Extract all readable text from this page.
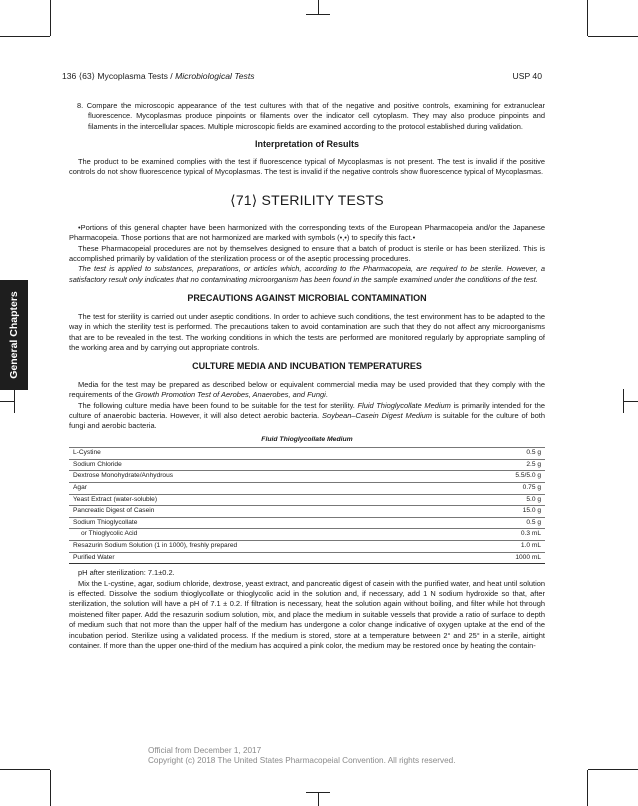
General Chapters
136 ⟨63⟩ Mycoplasma Tests / Microbiological Tests	USP 40

8. Compare the microscopic appearance of the test cultures with that of the negative and positive controls, examining for extranuclear fluorescence. Mycoplasmas produce pinpoints or filaments over the indicator cell cytoplasm. They may also produce pinpoints and filaments in the intercellular spaces. Multiple microscopic fields are examined according to the protocol established during validation.

Interpretation of Results

The product to be examined complies with the test if fluorescence typical of Mycoplasmas is not present. The test is invalid if the positive controls do not show fluorescence typical of Mycoplasmas. The test is invalid if the negative controls show fluorescence typical of Mycoplasmas.

⟨71⟩ STERILITY TESTS

•Portions of this general chapter have been harmonized with the corresponding texts of the European Pharmacopeia and/or the Japanese Pharmacopeia. Those portions that are not harmonized are marked with symbols (•,•) to specify this fact.•

These Pharmacopeial procedures are not by themselves designed to ensure that a batch of product is sterile or has been sterilized. This is accomplished primarily by validation of the sterilization process or of the aseptic processing procedures.

The test is applied to substances, preparations, or articles which, according to the Pharmacopeia, are required to be sterile. However, a satisfactory result only indicates that no contaminating microorganism has been found in the sample examined under the conditions of the test.

PRECAUTIONS AGAINST MICROBIAL CONTAMINATION

The test for sterility is carried out under aseptic conditions. In order to achieve such conditions, the test environment has to be adapted to the way in which the sterility test is performed. The precautions taken to avoid contamination are such that they do not affect any microorganisms that are to be revealed in the test. The working conditions in which the tests are performed are monitored regularly by appropriate sampling of the working area and by carrying out appropriate controls.

CULTURE MEDIA AND INCUBATION TEMPERATURES

Media for the test may be prepared as described below or equivalent commercial media may be used provided that they comply with the requirements of the Growth Promotion Test of Aerobes, Anaerobes, and Fungi.

The following culture media have been found to be suitable for the test for sterility. Fluid Thioglycollate Medium is primarily intended for the culture of anaerobic bacteria. However, it will also detect aerobic bacteria. Soybean–Casein Digest Medium is suitable for the culture of both fungi and aerobic bacteria.

Fluid Thioglycollate Medium
L-Cystine	0.5 g
Sodium Chloride	2.5 g
Dextrose Monohydrate/Anhydrous	5.5/5.0 g
Agar	0.75 g
Yeast Extract (water-soluble)	5.0 g
Pancreatic Digest of Casein	15.0 g
Sodium Thioglycollate	0.5 g
or Thioglycolic Acid	0.3 mL
Resazurin Sodium Solution (1 in 1000), freshly prepared	1.0 mL
Purified Water	1000 mL

pH after sterilization: 7.1±0.2.

Mix the L-cystine, agar, sodium chloride, dextrose, yeast extract, and pancreatic digest of casein with the purified water, and heat until solution is effected. Dissolve the sodium thioglycollate or thioglycolic acid in the solution and, if necessary, add 1 N sodium hydroxide so that, after sterilization, the solution will have a pH of 7.1 ± 0.2. If filtration is necessary, heat the solution again without boiling, and filter while hot through moistened filter paper. Add the resazurin sodium solution, mix, and place the medium in suitable vessels that provide a ratio of surface to depth of medium such that not more than the upper half of the medium has undergone a color change indicative of oxygen uptake at the end of the incubation period. Sterilize using a validated process. If the medium is stored, store at a temperature between 2° and 25° in a sterile, airtight container. If more than the upper one-third of the medium has acquired a pink color, the medium may be restored once by heating the contain-

Official from December 1, 2017
Copyright (c) 2018 The United States Pharmacopeial Convention. All rights reserved.
